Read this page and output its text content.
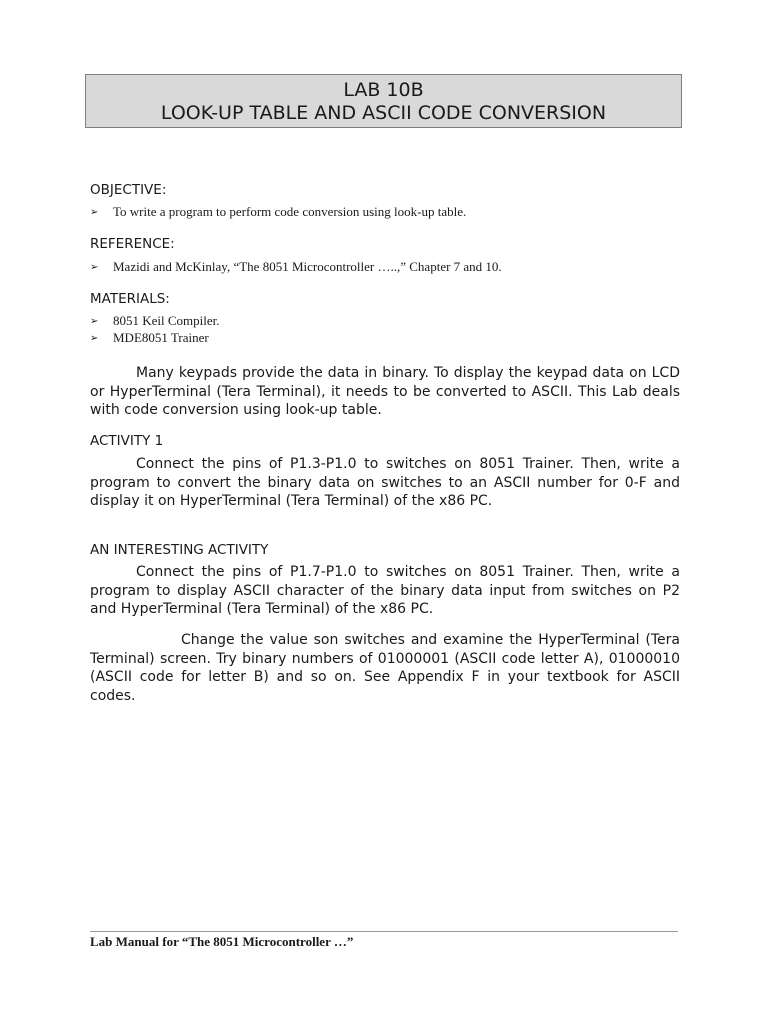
LAB 10B
LOOK-UP TABLE AND ASCII CODE CONVERSION
OBJECTIVE:
➢	To write a program to perform code conversion using look-up table.
REFERENCE:
➢	Mazidi and McKinlay, “The 8051 Microcontroller …..,” Chapter 7 and 10.
MATERIALS:
➢	8051 Keil Compiler.
➢	MDE8051 Trainer
Many keypads provide the data in binary. To display the keypad data on LCD or HyperTerminal (Tera Terminal), it needs to be converted to ASCII. This Lab deals with code conversion using look-up table.
ACTIVITY 1
Connect the pins of P1.3-P1.0 to switches on 8051 Trainer. Then, write a program to convert the binary data on switches to an ASCII number for 0-F and display it on HyperTerminal (Tera Terminal) of the x86 PC.
AN INTERESTING ACTIVITY
Connect the pins of P1.7-P1.0 to switches on 8051 Trainer. Then, write a program to display ASCII character of the binary data input from switches on P2 and HyperTerminal (Tera Terminal) of the x86 PC.
Change the value son switches and examine the HyperTerminal (Tera Terminal) screen. Try binary numbers of 01000001 (ASCII code letter A), 01000010 (ASCII code for letter B) and so on. See Appendix F in your textbook for ASCII codes.
Lab Manual for “The 8051 Microcontroller …”
